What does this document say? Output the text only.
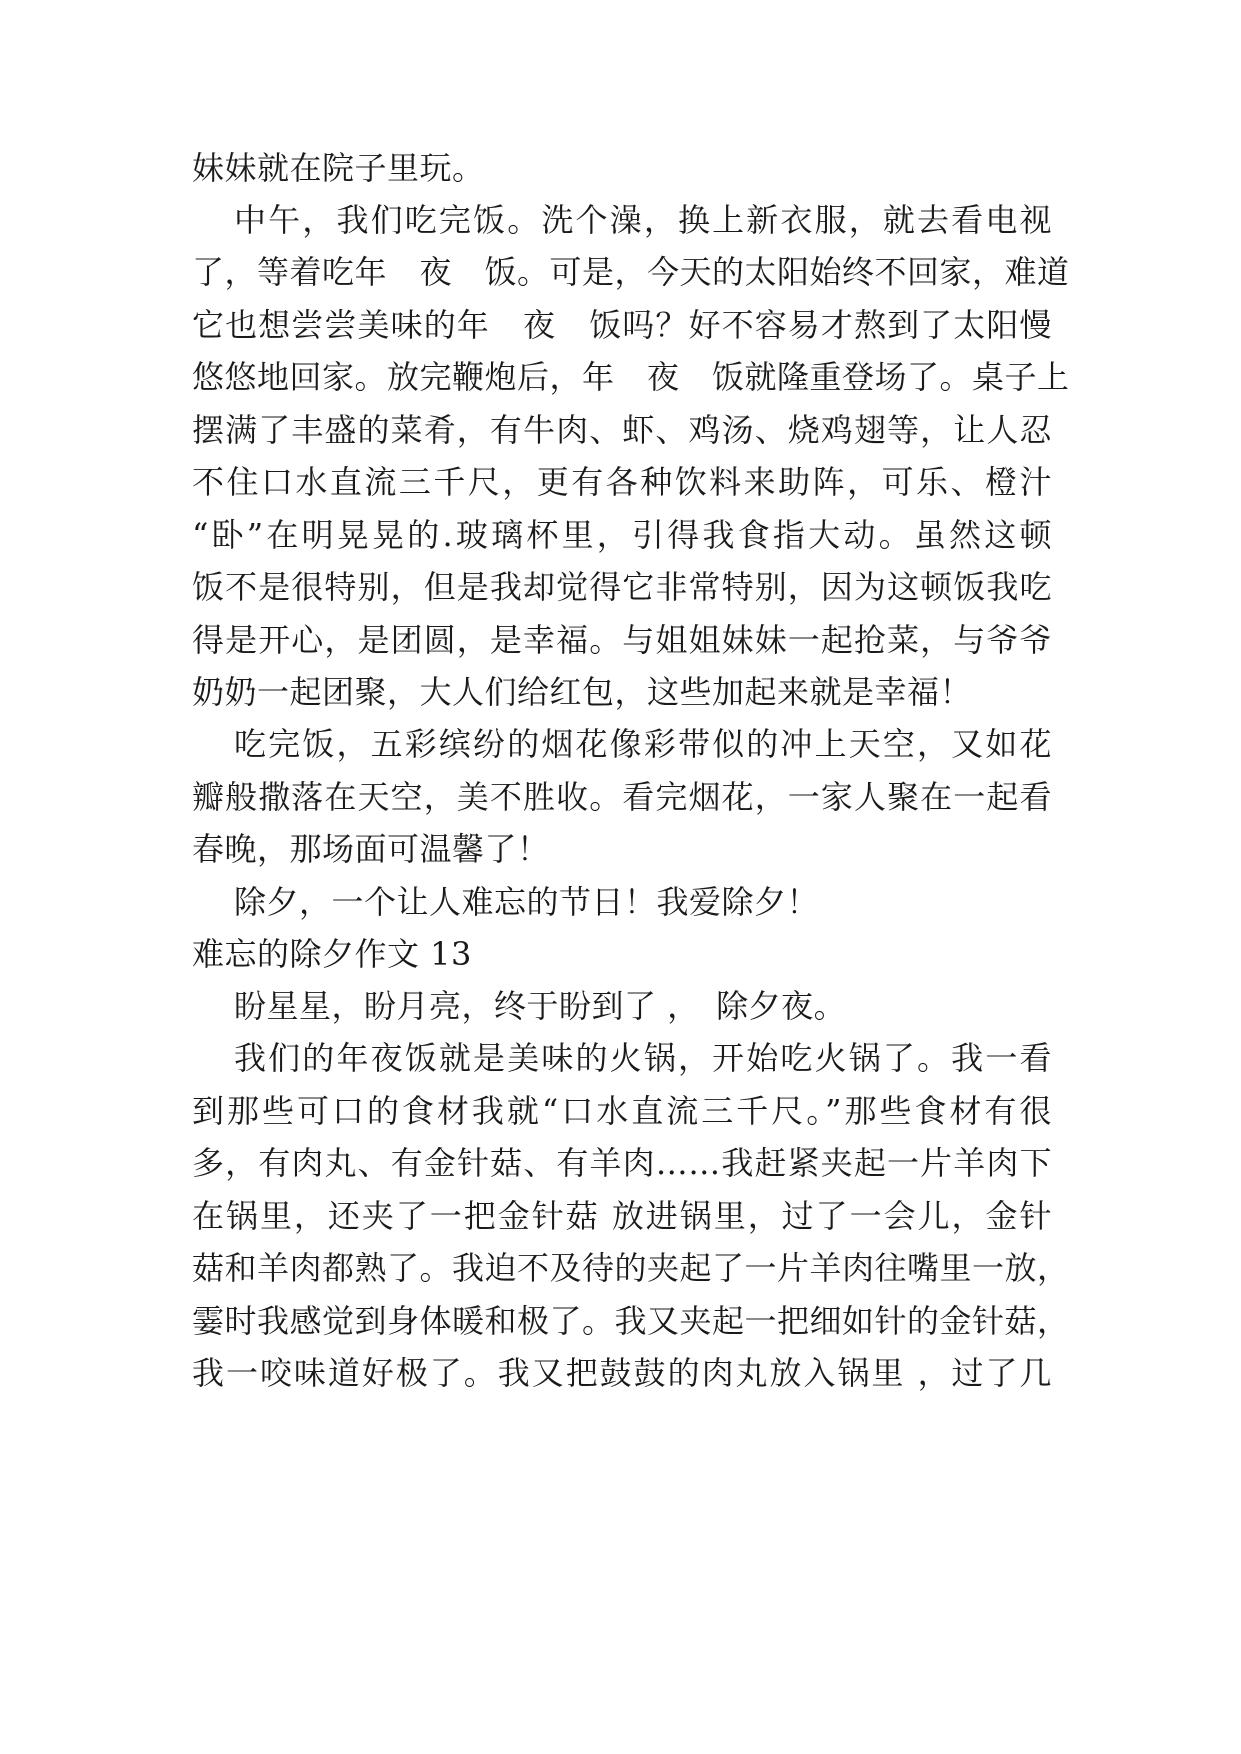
妹妹就在院子里玩。
中午，我们吃完饭。洗个澡，换上新衣服，就去看电视
了，等着吃年　夜　饭。可是，今天的太阳始终不回家，难道
它也想尝尝美味的年　夜　饭吗？好不容易才熬到了太阳慢
悠悠地回家。放完鞭炮后，年　夜　饭就隆重登场了。桌子上
摆满了丰盛的菜肴，有牛肉、虾、鸡汤、烧鸡翅等，让人忍
不住口水直流三千尺，更有各种饮料来助阵，可乐、橙汁
“卧”在明晃晃的.玻璃杯里，引得我食指大动。虽然这顿
饭不是很特别，但是我却觉得它非常特别，因为这顿饭我吃
得是开心，是团圆，是幸福。与姐姐妹妹一起抢菜，与爷爷
奶奶一起团聚，大人们给红包，这些加起来就是幸福！
吃完饭，五彩缤纷的烟花像彩带似的冲上天空，又如花
瓣般撒落在天空，美不胜收。看完烟花，一家人聚在一起看
春晚，那场面可温馨了！
除夕，一个让人难忘的节日！我爱除夕！
难忘的除夕作文 13
盼星星，盼月亮，终于盼到了 ，　除夕夜。
我们的年夜饭就是美味的火锅，开始吃火锅了。我一看
到那些可口的食材我就“口水直流三千尺。”那些食材有很
多，有肉丸、有金针菇、有羊肉……我赶紧夹起一片羊肉下
在锅里，还夹了一把金针菇 放进锅里，过了一会儿，金针
菇和羊肉都熟了。我迫不及待的夹起了一片羊肉往嘴里一放，
霎时我感觉到身体暖和极了。我又夹起一把细如针的金针菇，
我一咬味道好极了。我又把鼓鼓的肉丸放入锅里 ，过了几
